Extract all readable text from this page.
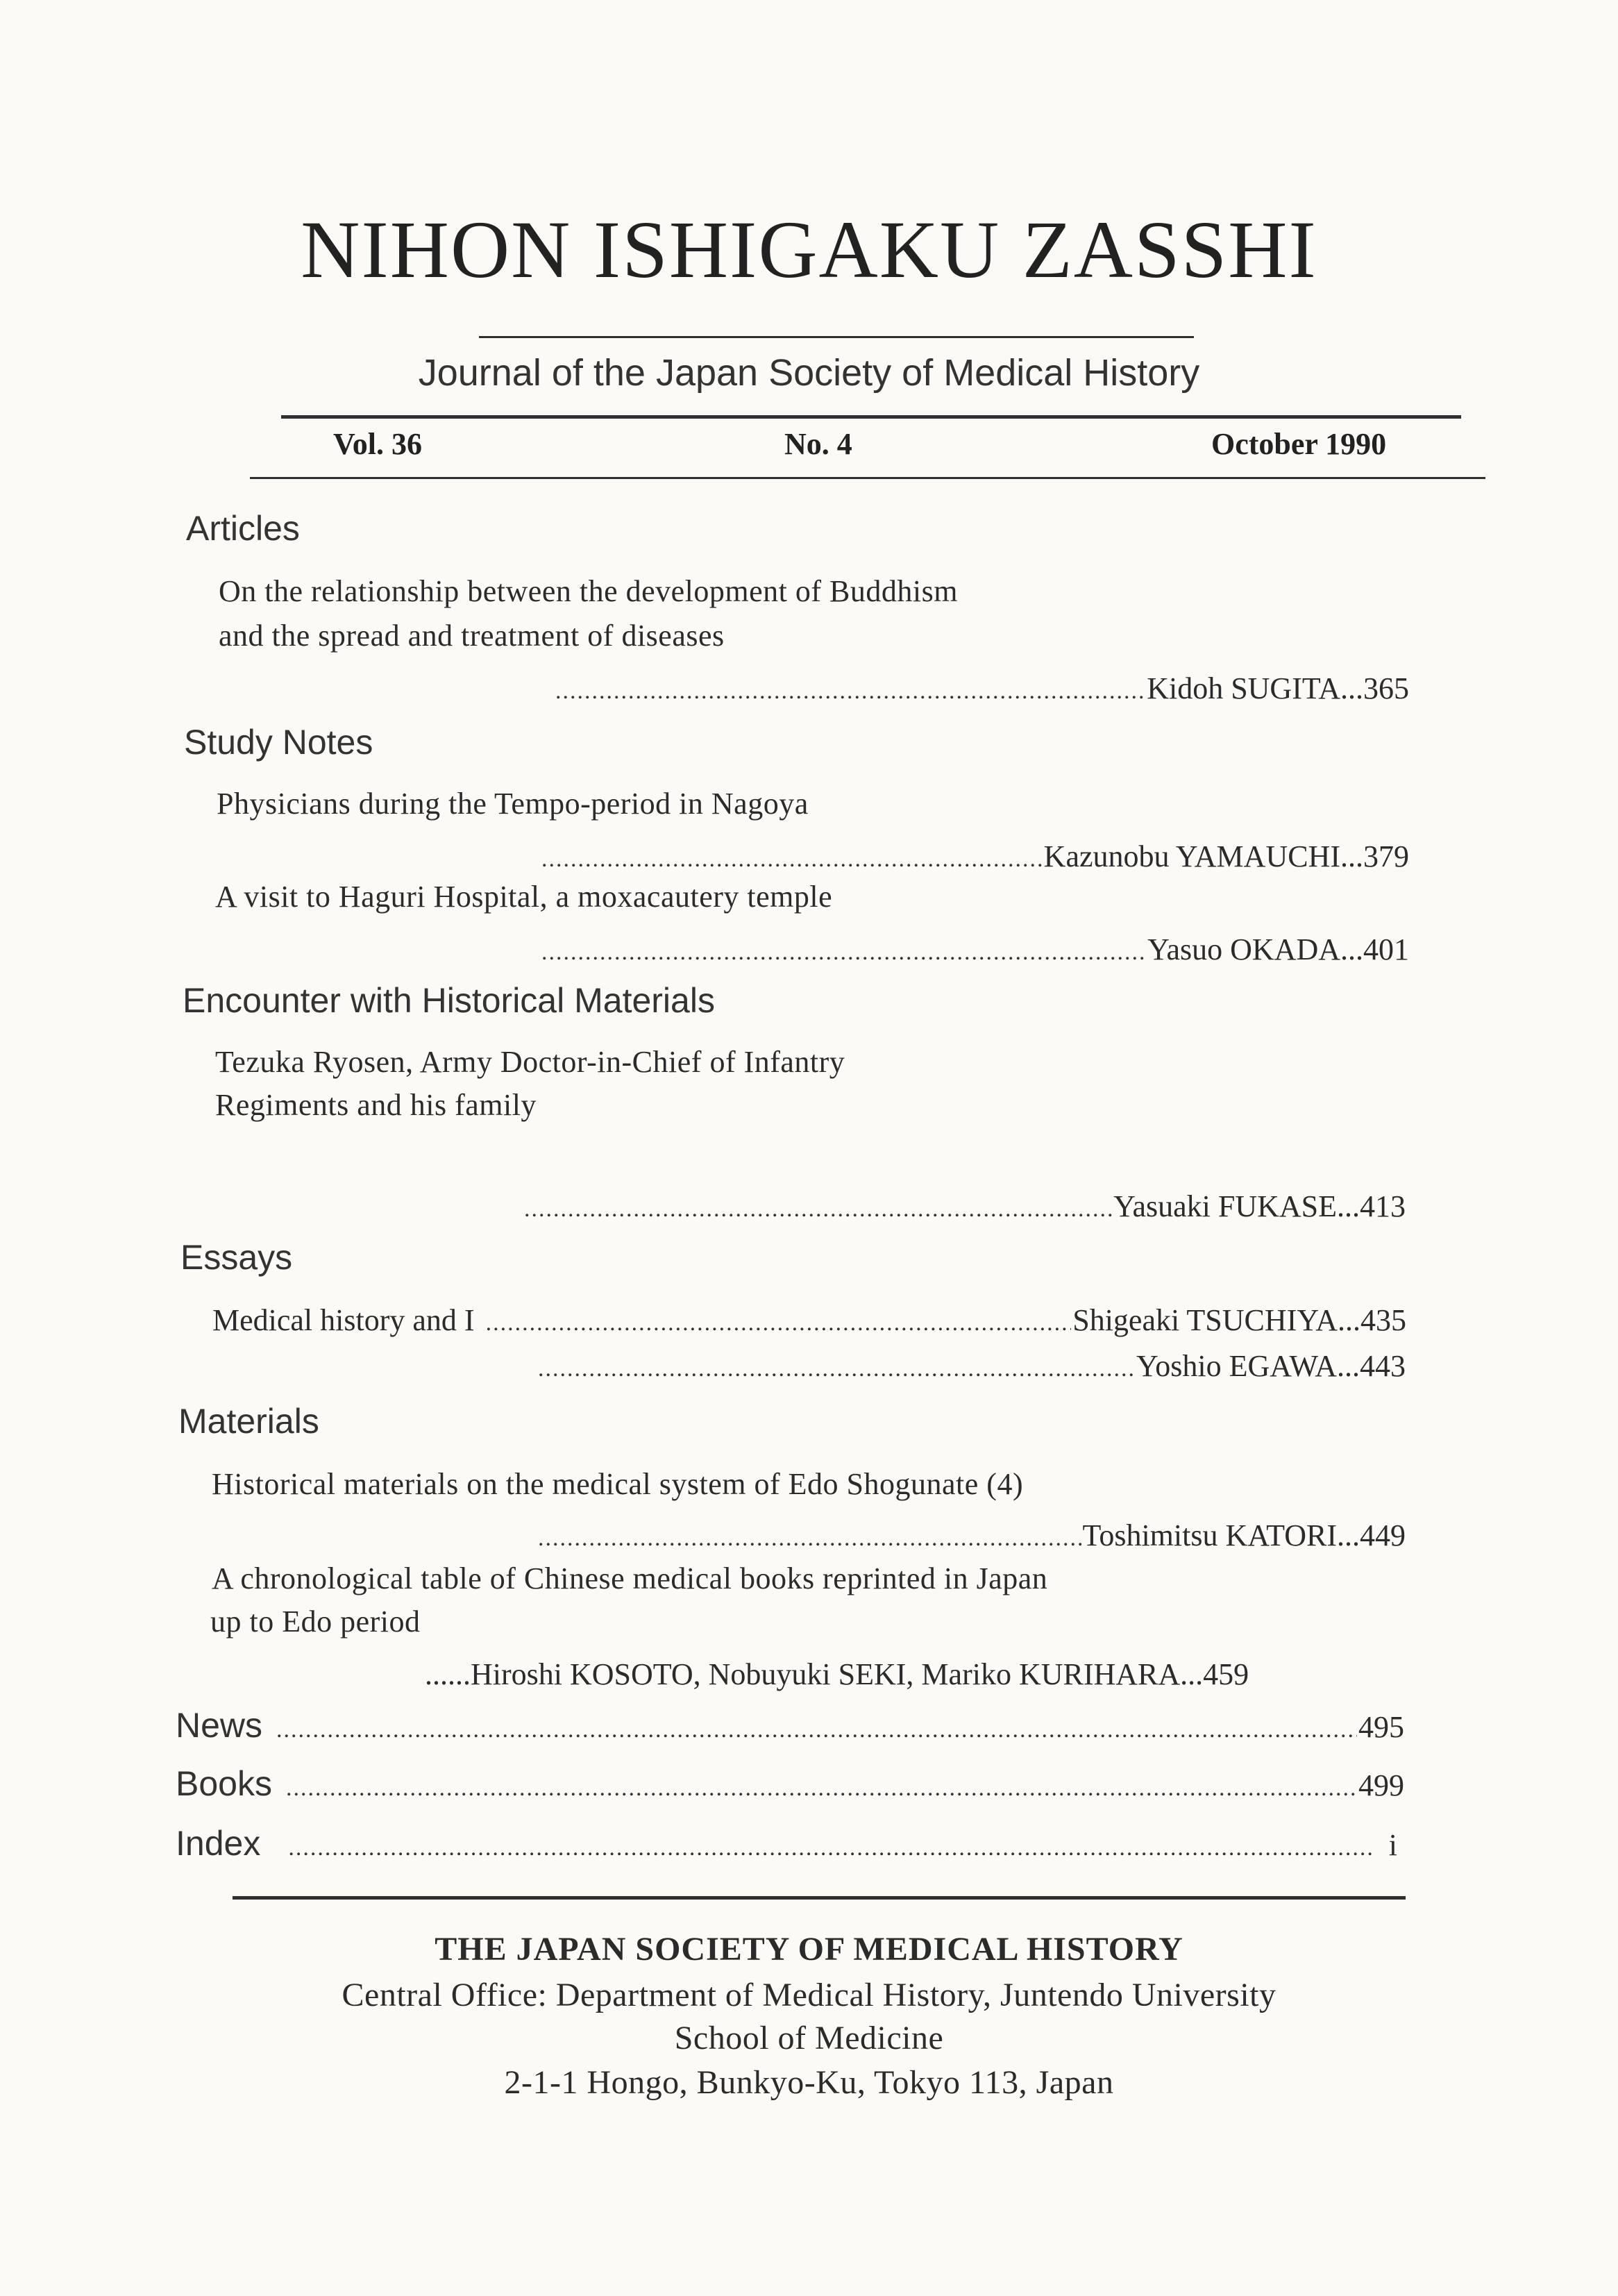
NIHON ISHIGAKU ZASSHI
Journal of the Japan Society of Medical History
Vol. 36	No. 4	October 1990
Articles
On the relationship between the development of Buddhism
and the spread and treatment of diseases
.....
Kidoh SUGITA...365
Study Notes
Physicians during the Tempo-period in Nagoya
.....
Kazunobu YAMAUCHI...379
A visit to Haguri Hospital, a moxacautery temple
.....
Yasuo OKADA...401
Encounter with Historical Materials
Tezuka Ryosen, Army Doctor-in-Chief of Infantry
Regiments and his family
.....
Yasuaki FUKASE...413
Essays
Medical history and I .....	Shigeaki TSUCHIYA...435
.....
Yoshio EGAWA...443
Materials
Historical materials on the medical system of Edo Shogunate (4)
.....
Toshimitsu KATORI...449
A chronological table of Chinese medical books reprinted in Japan
up to Edo period
......Hiroshi KOSOTO, Nobuyuki SEKI, Mariko KURIHARA...459
News .....	495
Books .....	499
Index .....	i
THE JAPAN SOCIETY OF MEDICAL HISTORY
Central Office: Department of Medical History, Juntendo University
School of Medicine
2-1-1 Hongo, Bunkyo-Ku, Tokyo 113, Japan
